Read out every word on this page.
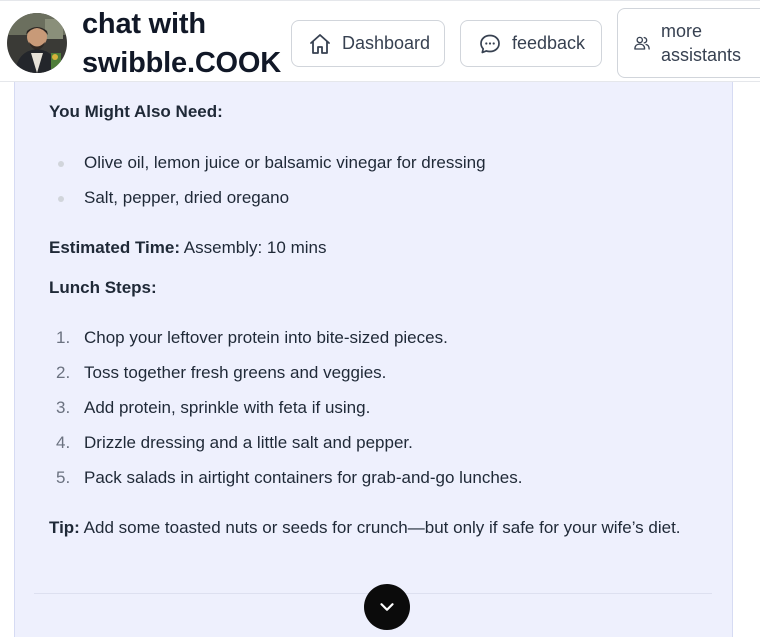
chat with swibble.COOK
Dashboard	feedback
more assistants
You Might Also Need:
Olive oil, lemon juice or balsamic vinegar for dressing
Salt, pepper, dried oregano
Estimated Time: Assembly: 10 mins
Lunch Steps:
1. Chop your leftover protein into bite-sized pieces.
2. Toss together fresh greens and veggies.
3. Add protein, sprinkle with feta if using.
4. Drizzle dressing and a little salt and pepper.
5. Pack salads in airtight containers for grab-and-go lunches.
Tip: Add some toasted nuts or seeds for crunch—but only if safe for your wife’s diet.
